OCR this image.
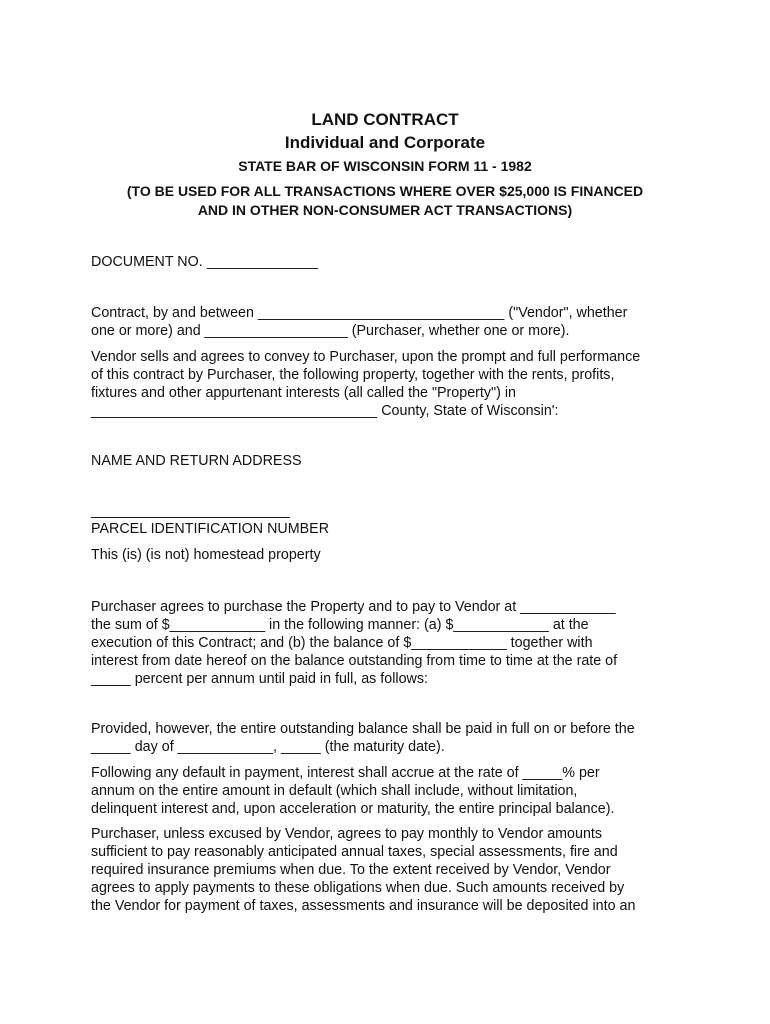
LAND CONTRACT
Individual and Corporate
STATE BAR OF WISCONSIN FORM 11 - 1982
(TO BE USED FOR ALL TRANSACTIONS WHERE OVER $25,000 IS FINANCED
AND IN OTHER NON-CONSUMER ACT TRANSACTIONS)
DOCUMENT NO. ______________
Contract, by and between _______________________________ ("Vendor", whether
one or more) and __________________ (Purchaser, whether one or more).
Vendor sells and agrees to convey to Purchaser, upon the prompt and full performance
of this contract by Purchaser, the following property, together with the rents, profits,
fixtures and other appurtenant interests (all called the "Property") in
____________________________________ County, State of Wisconsin':
NAME AND RETURN ADDRESS
_________________________
PARCEL IDENTIFICATION NUMBER
This (is) (is not) homestead property
Purchaser agrees to purchase the Property and to pay to Vendor at ____________
the sum of $____________ in the following manner: (a) $____________ at the
execution of this Contract; and (b) the balance of $____________ together with
interest from date hereof on the balance outstanding from time to time at the rate of
_____ percent per annum until paid in full, as follows:
Provided, however, the entire outstanding balance shall be paid in full on or before the
_____ day of ____________, _____ (the maturity date).
Following any default in payment, interest shall accrue at the rate of _____% per
annum on the entire amount in default (which shall include, without limitation,
delinquent interest and, upon acceleration or maturity, the entire principal balance).
Purchaser, unless excused by Vendor, agrees to pay monthly to Vendor amounts
sufficient to pay reasonably anticipated annual taxes, special assessments, fire and
required insurance premiums when due. To the extent received by Vendor, Vendor
agrees to apply payments to these obligations when due. Such amounts received by
the Vendor for payment of taxes, assessments and insurance will be deposited into an
